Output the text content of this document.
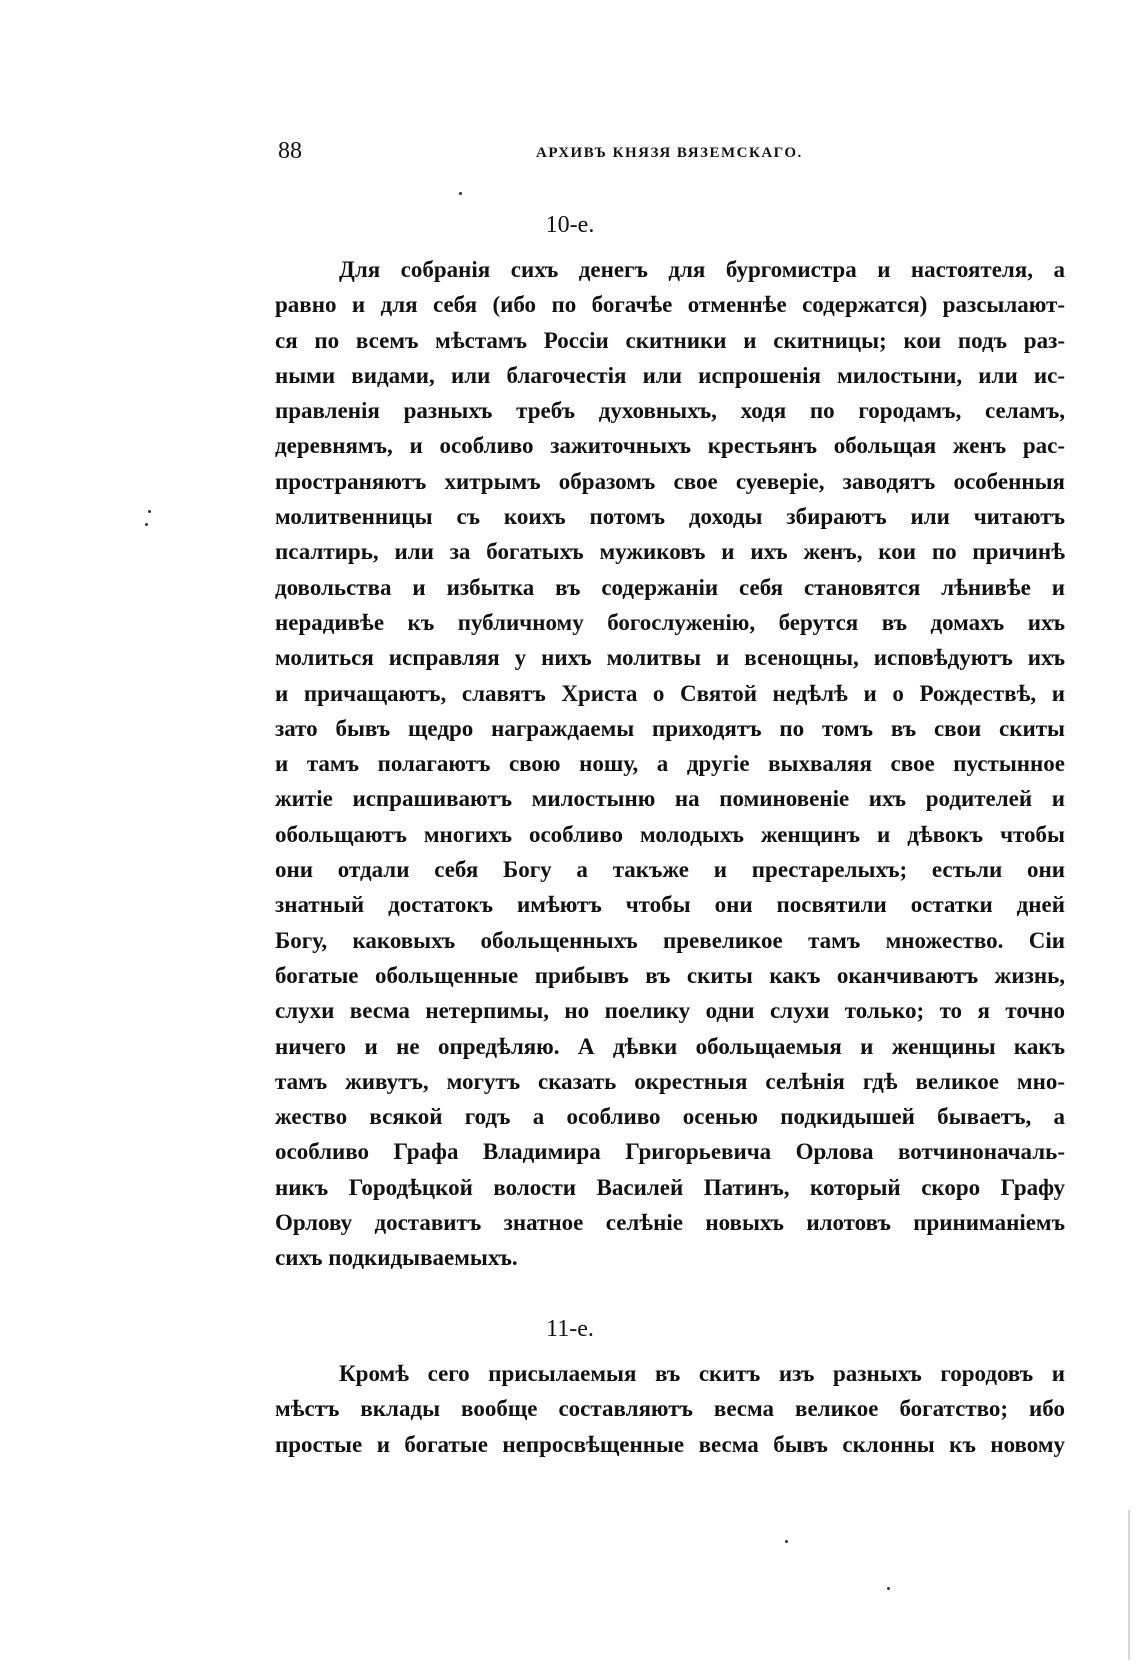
88	АРХИВЪ КНЯЗЯ ВЯЗЕМСКАГО.
10-е.
Для собранія сихъ денегъ для бургомистра и настоятеля, а
равно и для себя (ибо по богачѣе отменнѣе содержатся) разсылают-
ся по всемъ мѣстамъ Россіи скитники и скитницы; кои подъ раз-
ными видами, или благочестія или испрошенія милостыни, или ис-
правленія разныхъ требъ духовныхъ, ходя по городамъ, селамъ,
деревнямъ, и особливо зажиточныхъ крестьянъ обольщая женъ рас-
пространяютъ хитрымъ образомъ свое суеверіе, заводятъ особенныя
молитвенницы съ коихъ потомъ доходы збираютъ или читаютъ
псалтирь, или за богатыхъ мужиковъ и ихъ женъ, кои по причинѣ
довольства и избытка въ содержаніи себя становятся лѣнивѣе и
нерадивѣе къ публичному богослуженію, берутся въ домахъ ихъ
молиться исправляя у нихъ молитвы и всенощны, исповѣдуютъ ихъ
и причащаютъ, славятъ Христа о Святой недѣлѣ и о Рождествѣ, и
зато бывъ щедро награждаемы приходятъ по томъ въ свои скиты
и тамъ полагаютъ свою ношу, а другіе выхваляя свое пустынное
житіе испрашиваютъ милостыню на поминовеніе ихъ родителей и
обольщаютъ многихъ особливо молодыхъ женщинъ и дѣвокъ чтобы
они отдали себя Богу а такъже и престарелыхъ; естьли они
знатный достатокъ имѣютъ чтобы они посвятили остатки дней
Богу, каковыхъ обольщенныхъ превеликое тамъ множество. Сіи
богатые обольщенные прибывъ въ скиты какъ оканчиваютъ жизнь,
слухи весма нетерпимы, но поелику одни слухи только; то я точно
ничего и не опредѣляю. А дѣвки обольщаемыя и женщины какъ
тамъ живутъ, могутъ сказать окрестныя селѣнія гдѣ великое мно-
жество всякой годъ а особливо осенью подкидышей бываетъ, а
особливо Графа Владимира Григорьевича Орлова вотчиноначаль-
никъ Городѣцкой волости Василей Патинъ, который скоро Графу
Орлову доставитъ знатное селѣніе новыхъ илотовъ приниманіемъ
сихъ подкидываемыхъ.
11-е.
Кромѣ сего присылаемыя въ скитъ изъ разныхъ городовъ и
мѣстъ вклады вообще составляютъ весма великое богатство; ибо
простые и богатые непросвѣщенные весма бывъ склонны къ новому
